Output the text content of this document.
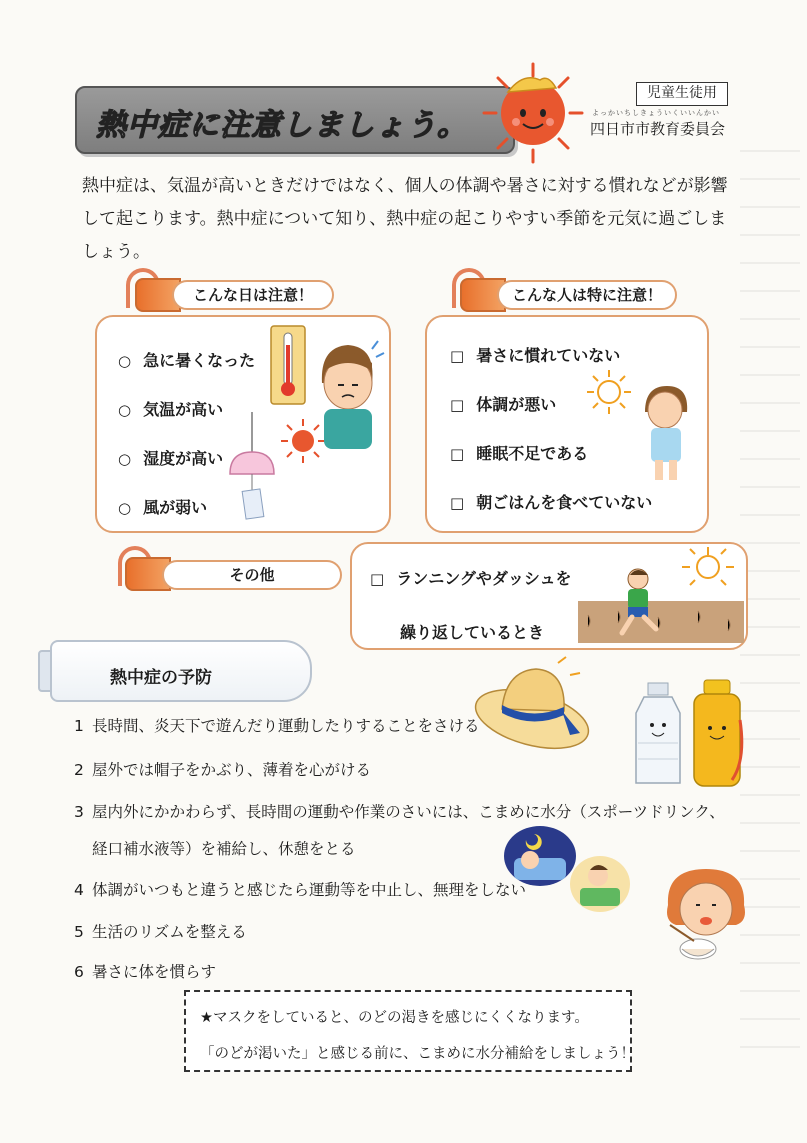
熱中症に注意しましょう。
児童生徒用
よっかいちしきょういくいいんかい
四日市市教育委員会
熱中症は、気温が高いときだけではなく、個人の体調や暑さに対する慣れなどが影響
して起こります。熱中症について知り、熱中症の起こりやすい季節を元気に過ごしま
しょう。
こんな日は注意！
○ 急に暑くなった
○ 気温が高い
○ 湿度が高い
○ 風が弱い
こんな人は特に注意！
□ 暑さに慣れていない
□ 体調が悪い
□ 睡眠不足である
□ 朝ごはんを食べていない
その他	□ ランニングやダッシュを
繰り返しているとき
熱中症の予防
1 長時間、炎天下で遊んだり運動したりすることをさける
2 屋外では帽子をかぶり、薄着を心がける
3 屋内外にかかわらず、長時間の運動や作業のさいには、こまめに水分（スポーツドリンク、
経口補水液等）を補給し、休憩をとる
4 体調がいつもと違うと感じたら運動等を中止し、無理をしない
5 生活のリズムを整える
6 暑さに体を慣らす
★マスクをしていると、のどの渇きを感じにくくなります。
「のどが渇いた」と感じる前に、こまめに水分補給をしましょう！
